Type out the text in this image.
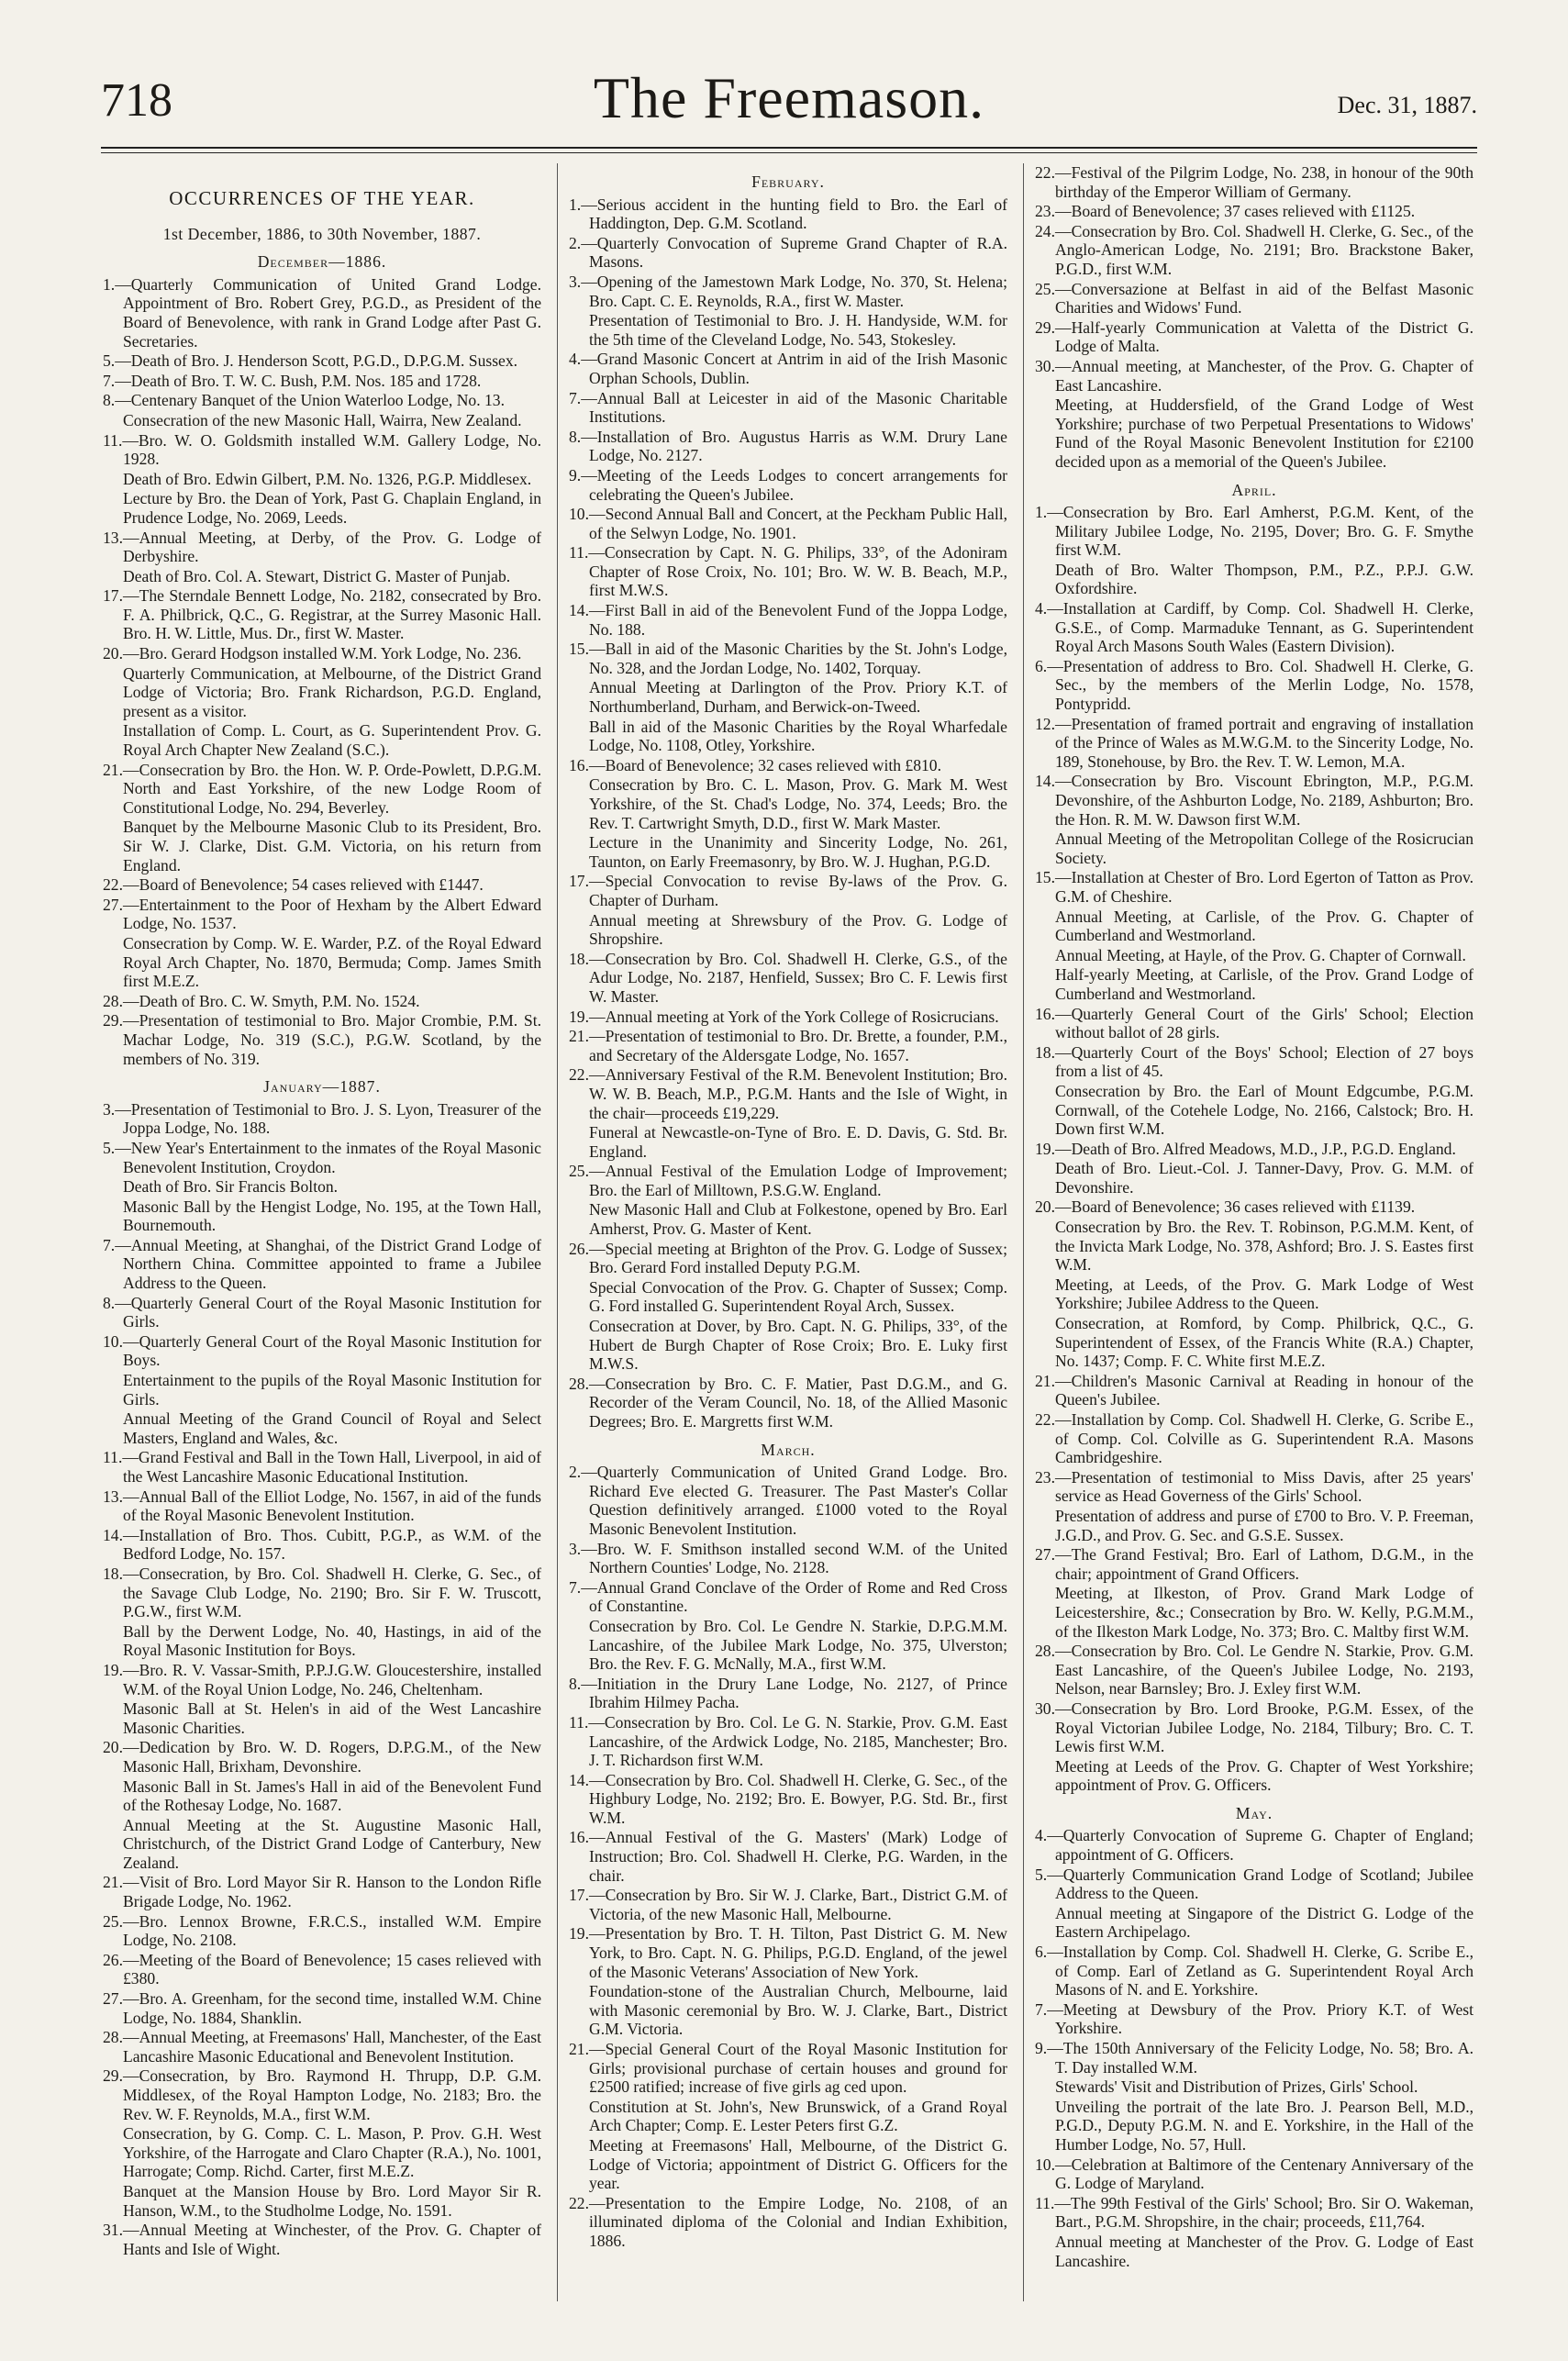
718	The Freemason.	Dec. 31, 1887.
OCCURRENCES OF THE YEAR.
1st December, 1886, to 30th November, 1887.

December—1886.

1.—Quarterly Communication of United Grand Lodge. Appointment of Bro. Robert Grey, P.G.D., as President of the Board of Benevolence, with rank in Grand Lodge after Past G. Secretaries.

5.—Death of Bro. J. Henderson Scott, P.G.D., D.P.G.M. Sussex.

7.—Death of Bro. T. W. C. Bush, P.M. Nos. 185 and 1728.

8.—Centenary Banquet of the Union Waterloo Lodge, No. 13.

Consecration of the new Masonic Hall, Wairra, New Zealand.

11.—Bro. W. O. Goldsmith installed W.M. Gallery Lodge, No. 1928.

Death of Bro. Edwin Gilbert, P.M. No. 1326, P.G.P. Middlesex.

Lecture by Bro. the Dean of York, Past G. Chaplain England, in Prudence Lodge, No. 2069, Leeds.

13.—Annual Meeting, at Derby, of the Prov. G. Lodge of Derbyshire.

Death of Bro. Col. A. Stewart, District G. Master of Punjab.

17.—The Sterndale Bennett Lodge, No. 2182, consecrated by Bro. F. A. Philbrick, Q.C., G. Registrar, at the Surrey Masonic Hall. Bro. H. W. Little, Mus. Dr., first W. Master.

20.—Bro. Gerard Hodgson installed W.M. York Lodge, No. 236.

Quarterly Communication, at Melbourne, of the District Grand Lodge of Victoria; Bro. Frank Richardson, P.G.D. England, present as a visitor.

Installation of Comp. L. Court, as G. Superintendent Prov. G. Royal Arch Chapter New Zealand (S.C.).

21.—Consecration by Bro. the Hon. W. P. Orde-Powlett, D.P.G.M. North and East Yorkshire, of the new Lodge Room of Constitutional Lodge, No. 294, Beverley.

Banquet by the Melbourne Masonic Club to its President, Bro. Sir W. J. Clarke, Dist. G.M. Victoria, on his return from England.

22.—Board of Benevolence; 54 cases relieved with £1447.

27.—Entertainment to the Poor of Hexham by the Albert Edward Lodge, No. 1537.

Consecration by Comp. W. E. Warder, P.Z. of the Royal Edward Royal Arch Chapter, No. 1870, Bermuda; Comp. James Smith first M.E.Z.

28.—Death of Bro. C. W. Smyth, P.M. No. 1524.

29.—Presentation of testimonial to Bro. Major Crombie, P.M. St. Machar Lodge, No. 319 (S.C.), P.G.W. Scotland, by the members of No. 319.

January—1887.

3.—Presentation of Testimonial to Bro. J. S. Lyon, Treasurer of the Joppa Lodge, No. 188.

5.—New Year's Entertainment to the inmates of the Royal Masonic Benevolent Institution, Croydon.

Death of Bro. Sir Francis Bolton.

Masonic Ball by the Hengist Lodge, No. 195, at the Town Hall, Bournemouth.

7.—Annual Meeting, at Shanghai, of the District Grand Lodge of Northern China. Committee appointed to frame a Jubilee Address to the Queen.

8.—Quarterly General Court of the Royal Masonic Institution for Girls.

10.—Quarterly General Court of the Royal Masonic Institution for Boys.

Entertainment to the pupils of the Royal Masonic Institution for Girls.

Annual Meeting of the Grand Council of Royal and Select Masters, England and Wales, &c.

11.—Grand Festival and Ball in the Town Hall, Liverpool, in aid of the West Lancashire Masonic Educational Institution.

13.—Annual Ball of the Elliot Lodge, No. 1567, in aid of the funds of the Royal Masonic Benevolent Institution.

14.—Installation of Bro. Thos. Cubitt, P.G.P., as W.M. of the Bedford Lodge, No. 157.

18.—Consecration, by Bro. Col. Shadwell H. Clerke, G. Sec., of the Savage Club Lodge, No. 2190; Bro. Sir F. W. Truscott, P.G.W., first W.M.

Ball by the Derwent Lodge, No. 40, Hastings, in aid of the Royal Masonic Institution for Boys.

19.—Bro. R. V. Vassar-Smith, P.P.J.G.W. Gloucestershire, installed W.M. of the Royal Union Lodge, No. 246, Cheltenham.

Masonic Ball at St. Helen's in aid of the West Lancashire Masonic Charities.

20.—Dedication by Bro. W. D. Rogers, D.P.G.M., of the New Masonic Hall, Brixham, Devonshire.

Masonic Ball in St. James's Hall in aid of the Benevolent Fund of the Rothesay Lodge, No. 1687.

Annual Meeting at the St. Augustine Masonic Hall, Christchurch, of the District Grand Lodge of Canterbury, New Zealand.

21.—Visit of Bro. Lord Mayor Sir R. Hanson to the London Rifle Brigade Lodge, No. 1962.

25.—Bro. Lennox Browne, F.R.C.S., installed W.M. Empire Lodge, No. 2108.

26.—Meeting of the Board of Benevolence; 15 cases relieved with £380.

27.—Bro. A. Greenham, for the second time, installed W.M. Chine Lodge, No. 1884, Shanklin.

28.—Annual Meeting, at Freemasons' Hall, Manchester, of the East Lancashire Masonic Educational and Benevolent Institution.

29.—Consecration, by Bro. Raymond H. Thrupp, D.P. G.M. Middlesex, of the Royal Hampton Lodge, No. 2183; Bro. the Rev. W. F. Reynolds, M.A., first W.M.

Consecration, by G. Comp. C. L. Mason, P. Prov. G.H. West Yorkshire, of the Harrogate and Claro Chapter (R.A.), No. 1001, Harrogate; Comp. Richd. Carter, first M.E.Z.

Banquet at the Mansion House by Bro. Lord Mayor Sir R. Hanson, W.M., to the Studholme Lodge, No. 1591.

31.—Annual Meeting at Winchester, of the Prov. G. Chapter of Hants and Isle of Wight.

February.

1.—Serious accident in the hunting field to Bro. the Earl of Haddington, Dep. G.M. Scotland.

2.—Quarterly Convocation of Supreme Grand Chapter of R.A. Masons.

3.—Opening of the Jamestown Mark Lodge, No. 370, St. Helena; Bro. Capt. C. E. Reynolds, R.A., first W. Master.

Presentation of Testimonial to Bro. J. H. Handyside, W.M. for the 5th time of the Cleveland Lodge, No. 543, Stokesley.

4.—Grand Masonic Concert at Antrim in aid of the Irish Masonic Orphan Schools, Dublin.

7.—Annual Ball at Leicester in aid of the Masonic Charitable Institutions.

8.—Installation of Bro. Augustus Harris as W.M. Drury Lane Lodge, No. 2127.

9.—Meeting of the Leeds Lodges to concert arrangements for celebrating the Queen's Jubilee.

10.—Second Annual Ball and Concert, at the Peckham Public Hall, of the Selwyn Lodge, No. 1901.

11.—Consecration by Capt. N. G. Philips, 33°, of the Adoniram Chapter of Rose Croix, No. 101; Bro. W. W. B. Beach, M.P., first M.W.S.

14.—First Ball in aid of the Benevolent Fund of the Joppa Lodge, No. 188.

15.—Ball in aid of the Masonic Charities by the St. John's Lodge, No. 328, and the Jordan Lodge, No. 1402, Torquay.

Annual Meeting at Darlington of the Prov. Priory K.T. of Northumberland, Durham, and Berwick-on-Tweed.

Ball in aid of the Masonic Charities by the Royal Wharfedale Lodge, No. 1108, Otley, Yorkshire.

16.—Board of Benevolence; 32 cases relieved with £810.

Consecration by Bro. C. L. Mason, Prov. G. Mark M. West Yorkshire, of the St. Chad's Lodge, No. 374, Leeds; Bro. the Rev. T. Cartwright Smyth, D.D., first W. Mark Master.

Lecture in the Unanimity and Sincerity Lodge, No. 261, Taunton, on Early Freemasonry, by Bro. W. J. Hughan, P.G.D.

17.—Special Convocation to revise By-laws of the Prov. G. Chapter of Durham.

Annual meeting at Shrewsbury of the Prov. G. Lodge of Shropshire.

18.—Consecration by Bro. Col. Shadwell H. Clerke, G.S., of the Adur Lodge, No. 2187, Henfield, Sussex; Bro C. F. Lewis first W. Master.

19.—Annual meeting at York of the York College of Rosicrucians.

21.—Presentation of testimonial to Bro. Dr. Brette, a founder, P.M., and Secretary of the Aldersgate Lodge, No. 1657.

22.—Anniversary Festival of the R.M. Benevolent Institution; Bro. W. W. B. Beach, M.P., P.G.M. Hants and the Isle of Wight, in the chair—proceeds £19,229.

Funeral at Newcastle-on-Tyne of Bro. E. D. Davis, G. Std. Br. England.

25.—Annual Festival of the Emulation Lodge of Improvement; Bro. the Earl of Milltown, P.S.G.W. England.

New Masonic Hall and Club at Folkestone, opened by Bro. Earl Amherst, Prov. G. Master of Kent.

26.—Special meeting at Brighton of the Prov. G. Lodge of Sussex; Bro. Gerard Ford installed Deputy P.G.M.

Special Convocation of the Prov. G. Chapter of Sussex; Comp. G. Ford installed G. Superintendent Royal Arch, Sussex.

Consecration at Dover, by Bro. Capt. N. G. Philips, 33°, of the Hubert de Burgh Chapter of Rose Croix; Bro. E. Luky first M.W.S.

28.—Consecration by Bro. C. F. Matier, Past D.G.M., and G. Recorder of the Veram Council, No. 18, of the Allied Masonic Degrees; Bro. E. Margretts first W.M.

March.

2.—Quarterly Communication of United Grand Lodge. Bro. Richard Eve elected G. Treasurer. The Past Master's Collar Question definitively arranged. £1000 voted to the Royal Masonic Benevolent Institution.

3.—Bro. W. F. Smithson installed second W.M. of the United Northern Counties' Lodge, No. 2128.

7.—Annual Grand Conclave of the Order of Rome and Red Cross of Constantine.

Consecration by Bro. Col. Le Gendre N. Starkie, D.P.G.M.M. Lancashire, of the Jubilee Mark Lodge, No. 375, Ulverston; Bro. the Rev. F. G. McNally, M.A., first W.M.

8.—Initiation in the Drury Lane Lodge, No. 2127, of Prince Ibrahim Hilmey Pacha.

11.—Consecration by Bro. Col. Le G. N. Starkie, Prov. G.M. East Lancashire, of the Ardwick Lodge, No. 2185, Manchester; Bro. J. T. Richardson first W.M.

14.—Consecration by Bro. Col. Shadwell H. Clerke, G. Sec., of the Highbury Lodge, No. 2192; Bro. E. Bowyer, P.G. Std. Br., first W.M.

16.—Annual Festival of the G. Masters' (Mark) Lodge of Instruction; Bro. Col. Shadwell H. Clerke, P.G. Warden, in the chair.

17.—Consecration by Bro. Sir W. J. Clarke, Bart., District G.M. of Victoria, of the new Masonic Hall, Melbourne.

19.—Presentation by Bro. T. H. Tilton, Past District G. M. New York, to Bro. Capt. N. G. Philips, P.G.D. England, of the jewel of the Masonic Veterans' Association of New York.

Foundation-stone of the Australian Church, Melbourne, laid with Masonic ceremonial by Bro. W. J. Clarke, Bart., District G.M. Victoria.

21.—Special General Court of the Royal Masonic Institution for Girls; provisional purchase of certain houses and ground for £2500 ratified; increase of five girls ag ced upon.

Constitution at St. John's, New Brunswick, of a Grand Royal Arch Chapter; Comp. E. Lester Peters first G.Z.

Meeting at Freemasons' Hall, Melbourne, of the District G. Lodge of Victoria; appointment of District G. Officers for the year.

22.—Presentation to the Empire Lodge, No. 2108, of an illuminated diploma of the Colonial and Indian Exhibition, 1886.

22.—Festival of the Pilgrim Lodge, No. 238, in honour of the 90th birthday of the Emperor William of Germany.

23.—Board of Benevolence; 37 cases relieved with £1125.

24.—Consecration by Bro. Col. Shadwell H. Clerke, G. Sec., of the Anglo-American Lodge, No. 2191; Bro. Brackstone Baker, P.G.D., first W.M.

25.—Conversazione at Belfast in aid of the Belfast Masonic Charities and Widows' Fund.

29.—Half-yearly Communication at Valetta of the District G. Lodge of Malta.

30.—Annual meeting, at Manchester, of the Prov. G. Chapter of East Lancashire.

Meeting, at Huddersfield, of the Grand Lodge of West Yorkshire; purchase of two Perpetual Presentations to Widows' Fund of the Royal Masonic Benevolent Institution for £2100 decided upon as a memorial of the Queen's Jubilee.

April.

1.—Consecration by Bro. Earl Amherst, P.G.M. Kent, of the Military Jubilee Lodge, No. 2195, Dover; Bro. G. F. Smythe first W.M.

Death of Bro. Walter Thompson, P.M., P.Z., P.P.J. G.W. Oxfordshire.

4.—Installation at Cardiff, by Comp. Col. Shadwell H. Clerke, G.S.E., of Comp. Marmaduke Tennant, as G. Superintendent Royal Arch Masons South Wales (Eastern Division).

6.—Presentation of address to Bro. Col. Shadwell H. Clerke, G. Sec., by the members of the Merlin Lodge, No. 1578, Pontypridd.

12.—Presentation of framed portrait and engraving of installation of the Prince of Wales as M.W.G.M. to the Sincerity Lodge, No. 189, Stonehouse, by Bro. the Rev. T. W. Lemon, M.A.

14.—Consecration by Bro. Viscount Ebrington, M.P., P.G.M. Devonshire, of the Ashburton Lodge, No. 2189, Ashburton; Bro. the Hon. R. M. W. Dawson first W.M.

Annual Meeting of the Metropolitan College of the Rosicrucian Society.

15.—Installation at Chester of Bro. Lord Egerton of Tatton as Prov. G.M. of Cheshire.

Annual Meeting, at Carlisle, of the Prov. G. Chapter of Cumberland and Westmorland.

Annual Meeting, at Hayle, of the Prov. G. Chapter of Cornwall.

Half-yearly Meeting, at Carlisle, of the Prov. Grand Lodge of Cumberland and Westmorland.

16.—Quarterly General Court of the Girls' School; Election without ballot of 28 girls.

18.—Quarterly Court of the Boys' School; Election of 27 boys from a list of 45.

Consecration by Bro. the Earl of Mount Edgcumbe, P.G.M. Cornwall, of the Cotehele Lodge, No. 2166, Calstock; Bro. H. Down first W.M.

19.—Death of Bro. Alfred Meadows, M.D., J.P., P.G.D. England.

Death of Bro. Lieut.-Col. J. Tanner-Davy, Prov. G. M.M. of Devonshire.

20.—Board of Benevolence; 36 cases relieved with £1139.

Consecration by Bro. the Rev. T. Robinson, P.G.M.M. Kent, of the Invicta Mark Lodge, No. 378, Ashford; Bro. J. S. Eastes first W.M.

Meeting, at Leeds, of the Prov. G. Mark Lodge of West Yorkshire; Jubilee Address to the Queen.

Consecration, at Romford, by Comp. Philbrick, Q.C., G. Superintendent of Essex, of the Francis White (R.A.) Chapter, No. 1437; Comp. F. C. White first M.E.Z.

21.—Children's Masonic Carnival at Reading in honour of the Queen's Jubilee.

22.—Installation by Comp. Col. Shadwell H. Clerke, G. Scribe E., of Comp. Col. Colville as G. Superintendent R.A. Masons Cambridgeshire.

23.—Presentation of testimonial to Miss Davis, after 25 years' service as Head Governess of the Girls' School.

Presentation of address and purse of £700 to Bro. V. P. Freeman, J.G.D., and Prov. G. Sec. and G.S.E. Sussex.

27.—The Grand Festival; Bro. Earl of Lathom, D.G.M., in the chair; appointment of Grand Officers.

Meeting, at Ilkeston, of Prov. Grand Mark Lodge of Leicestershire, &c.; Consecration by Bro. W. Kelly, P.G.M.M., of the Ilkeston Mark Lodge, No. 373; Bro. C. Maltby first W.M.

28.—Consecration by Bro. Col. Le Gendre N. Starkie, Prov. G.M. East Lancashire, of the Queen's Jubilee Lodge, No. 2193, Nelson, near Barnsley; Bro. J. Exley first W.M.

30.—Consecration by Bro. Lord Brooke, P.G.M. Essex, of the Royal Victorian Jubilee Lodge, No. 2184, Tilbury; Bro. C. T. Lewis first W.M.

Meeting at Leeds of the Prov. G. Chapter of West Yorkshire; appointment of Prov. G. Officers.

May.

4.—Quarterly Convocation of Supreme G. Chapter of England; appointment of G. Officers.

5.—Quarterly Communication Grand Lodge of Scotland; Jubilee Address to the Queen.

Annual meeting at Singapore of the District G. Lodge of the Eastern Archipelago.

6.—Installation by Comp. Col. Shadwell H. Clerke, G. Scribe E., of Comp. Earl of Zetland as G. Superintendent Royal Arch Masons of N. and E. Yorkshire.

7.—Meeting at Dewsbury of the Prov. Priory K.T. of West Yorkshire.

9.—The 150th Anniversary of the Felicity Lodge, No. 58; Bro. A. T. Day installed W.M.

Stewards' Visit and Distribution of Prizes, Girls' School.

Unveiling the portrait of the late Bro. J. Pearson Bell, M.D., P.G.D., Deputy P.G.M. N. and E. Yorkshire, in the Hall of the Humber Lodge, No. 57, Hull.

10.—Celebration at Baltimore of the Centenary Anniversary of the G. Lodge of Maryland.

11.—The 99th Festival of the Girls' School; Bro. Sir O. Wakeman, Bart., P.G.M. Shropshire, in the chair; proceeds, £11,764.

Annual meeting at Manchester of the Prov. G. Lodge of East Lancashire.
